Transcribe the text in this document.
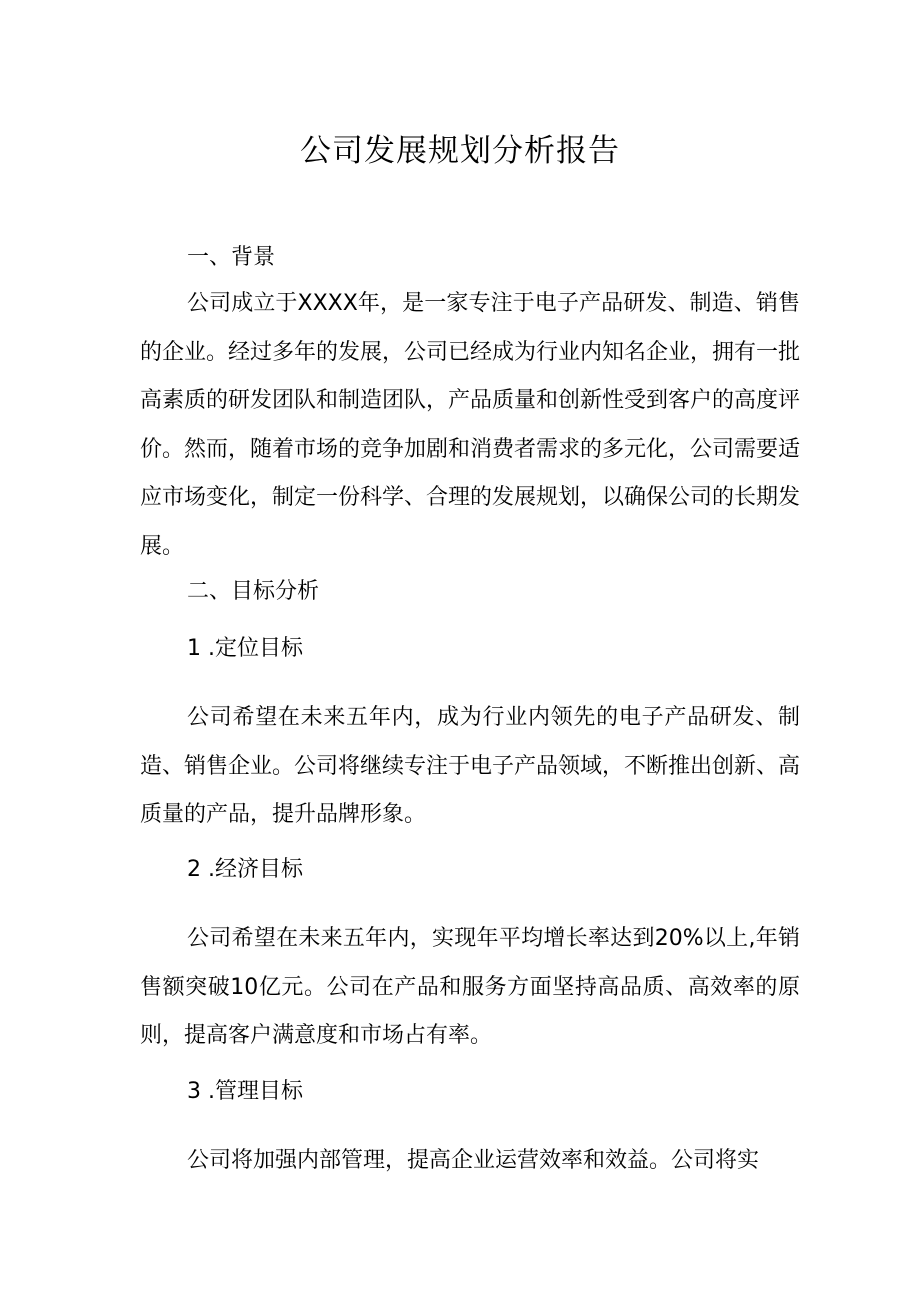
公司发展规划分析报告
一、背景
公司成立于XXXX年，是一家专注于电子产品研发、制造、销售的企业。经过多年的发展，公司已经成为行业内知名企业，拥有一批高素质的研发团队和制造团队，产品质量和创新性受到客户的高度评价。然而，随着市场的竞争加剧和消费者需求的多元化，公司需要适应市场变化，制定一份科学、合理的发展规划，以确保公司的长期发展。
二、目标分析
1 .定位目标
公司希望在未来五年内，成为行业内领先的电子产品研发、制造、销售企业。公司将继续专注于电子产品领域，不断推出创新、高质量的产品，提升品牌形象。
2 .经济目标
公司希望在未来五年内，实现年平均增长率达到20%以上,年销售额突破10亿元。公司在产品和服务方面坚持高品质、高效率的原则，提高客户满意度和市场占有率。
3 .管理目标
公司将加强内部管理，提高企业运营效率和效益。公司将实
